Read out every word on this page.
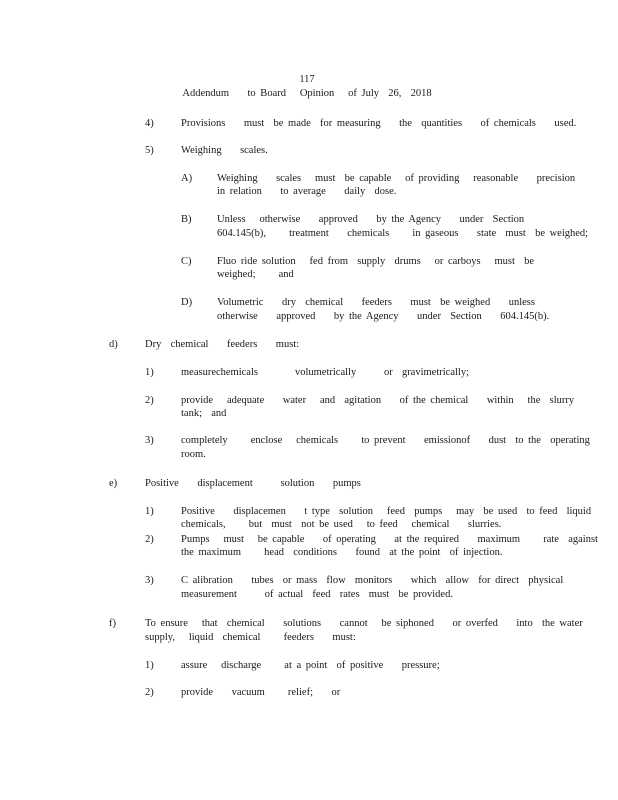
117
Addendum    to Board   Opinion   of July  26,  2018
4)	Provisions    must  be made  for measuring    the  quantities    of chemicals    used.
5)	Weighing    scales.
A) Weighing    scales   must  be capable   of providing   reasonable    precision
in relation    to average    daily  dose.
B) Unless   otherwise    approved    by the Agency    under  Section
604.145(b),     treatment    chemicals     in gaseous    state  must  be weighed;
C) Fluo ride solution   fed from  supply  drums   or carboys   must  be
weighed;     and
D) Volumetric    dry  chemical    feeders    must  be weighed    unless
otherwise    approved    by the Agency    under  Section    604.145(b).
d)	Dry  chemical    feeders    must:
1)	measurechemicals        volumetrically      or  gravimetrically;
2)	provide   adequate    water   and  agitation    of the chemical    within   the  slurry
tank;  and
3)	completely     enclose   chemicals     to prevent    emissionof    dust  to the  operating
room.
e)	Positive    displacement      solution    pumps
1)	Positive    displacemen    t type  solution   feed  pumps   may  be used  to feed  liquid
chemicals,     but  must  not be used   to feed   chemical    slurries.
2)	Pumps   must   be capable    of operating    at the required    maximum     rate  against
the maximum     head  conditions    found  at the point  of injection.
3)	C alibration    tubes  or mass  flow  monitors    which  allow  for direct  physical
measurement      of actual  feed  rates  must  be provided.
f)	To ensure   that  chemical    solutions    cannot   be siphoned    or overfed    into  the water
supply,   liquid  chemical     feeders    must:
1)	assure   discharge     at a point  of positive    pressure;
2)	provide    vacuum     relief;    or
